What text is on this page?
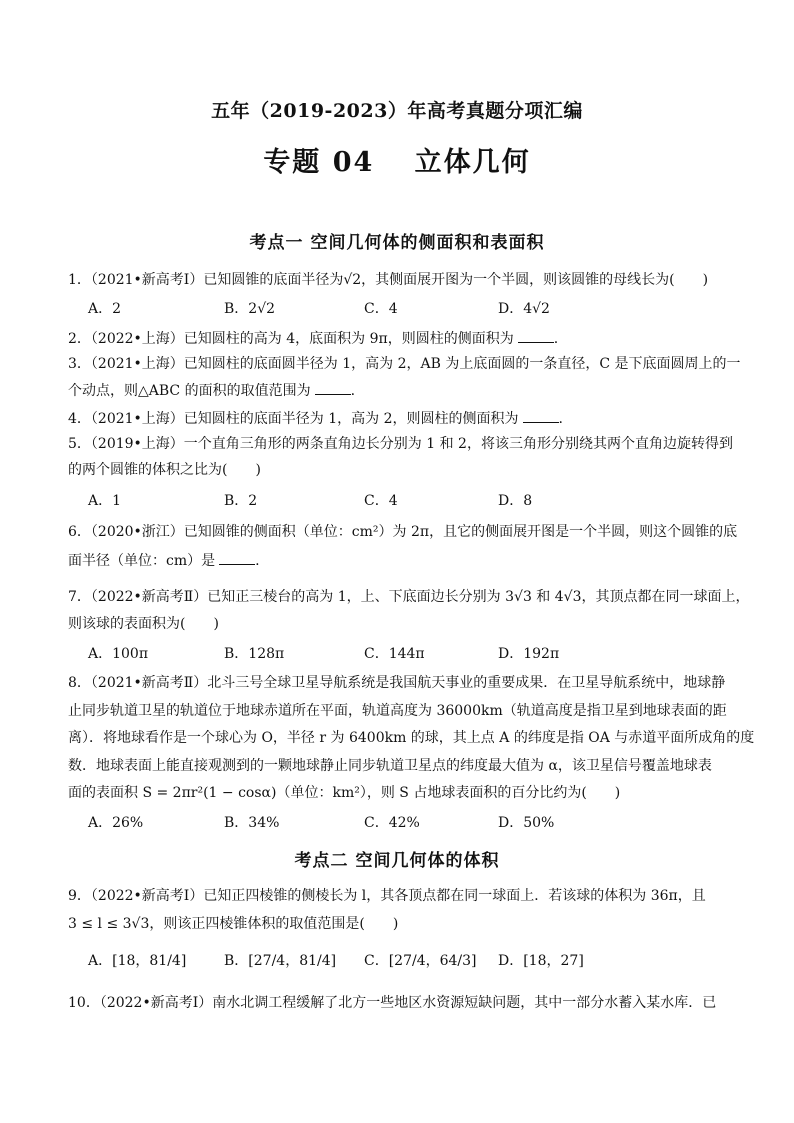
五年（2019-2023）年高考真题分项汇编
专题 04　 立体几何
考点一 空间几何体的侧面积和表面积
1．（2021•新高考Ⅰ）已知圆锥的底面半径为√2，其侧面展开图为一个半圆，则该圆锥的母线长为(　　)
A．2	B．2√2	C．4	D．4√2
2．（2022•上海）已知圆柱的高为 4，底面积为 9π，则圆柱的侧面积为	.
3．（2021•上海）已知圆柱的底面圆半径为 1，高为 2，AB 为上底面圆的一条直径，C 是下底面圆周上的一
个动点，则△ABC 的面积的取值范围为	.
4．（2021•上海）已知圆柱的底面半径为 1，高为 2，则圆柱的侧面积为	.
5．（2019•上海）一个直角三角形的两条直角边长分别为 1 和 2，将该三角形分别绕其两个直角边旋转得到
的两个圆锥的体积之比为(　　)
A．1	B．2	C．4	D．8
6．（2020•浙江）已知圆锥的侧面积（单位：cm²）为 2π，且它的侧面展开图是一个半圆，则这个圆锥的底
面半径（单位：cm）是	.
7．（2022•新高考Ⅱ）已知正三棱台的高为 1，上、下底面边长分别为 3√3 和 4√3，其顶点都在同一球面上，
则该球的表面积为(　　)
A．100π	B．128π	C．144π	D．192π
8．（2021•新高考Ⅱ）北斗三号全球卫星导航系统是我国航天事业的重要成果．在卫星导航系统中，地球静
止同步轨道卫星的轨道位于地球赤道所在平面，轨道高度为 36000km（轨道高度是指卫星到地球表面的距
离）．将地球看作是一个球心为 O，半径 r 为 6400km 的球，其上点 A 的纬度是指 OA 与赤道平面所成角的度
数．地球表面上能直接观测到的一颗地球静止同步轨道卫星点的纬度最大值为 α，该卫星信号覆盖地球表
面的表面积 S = 2πr²(1 − cosα)（单位：km²），则 S 占地球表面积的百分比约为(　　)
A．26%	B．34%	C．42%	D．50%
考点二 空间几何体的体积
9．（2022•新高考Ⅰ）已知正四棱锥的侧棱长为 l，其各顶点都在同一球面上．若该球的体积为 36π，且
3 ≤ l ≤ 3√3，则该正四棱锥体积的取值范围是(　　)
A．[18，81/4]	B．[27/4，81/4] C．[27/4，64/3] D．[18，27]
10．（2022•新高考Ⅰ）南水北调工程缓解了北方一些地区水资源短缺问题，其中一部分水蓄入某水库．已
